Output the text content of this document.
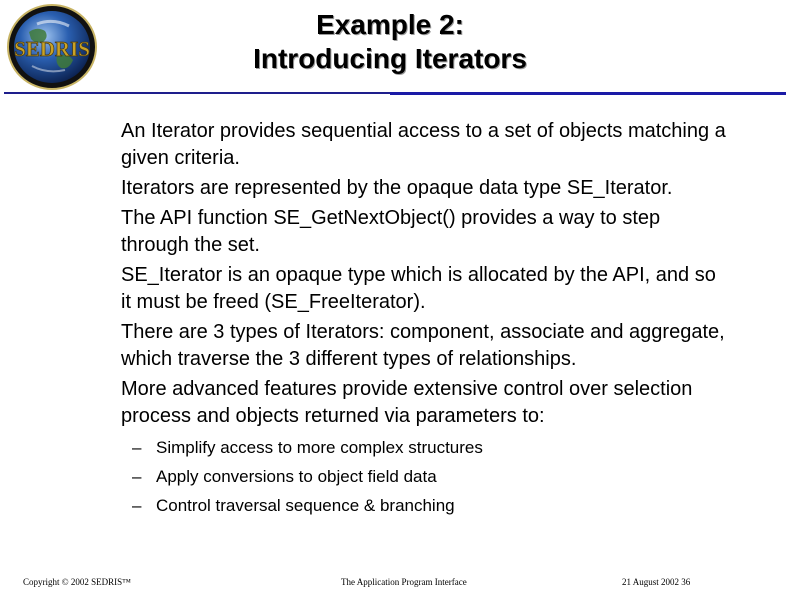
SEDRIS
Example 2:
Introducing Iterators
An Iterator provides sequential access to a set of objects matching a
given criteria.
Iterators are represented by the opaque data type SE_Iterator.
The API function SE_GetNextObject() provides a way to step
through the set.
SE_Iterator is an opaque type which is allocated by the API, and so
it must be freed (SE_FreeIterator).
There are 3 types of Iterators: component, associate and aggregate,
which traverse the 3 different types of relationships.
More advanced features provide extensive control over selection
process and objects returned via parameters to:
– Simplify access to more complex structures
– Apply conversions to object field data
– Control traversal sequence & branching
Copyright © 2002 SEDRIS™	The Application Program Interface	21 August 2002 36
